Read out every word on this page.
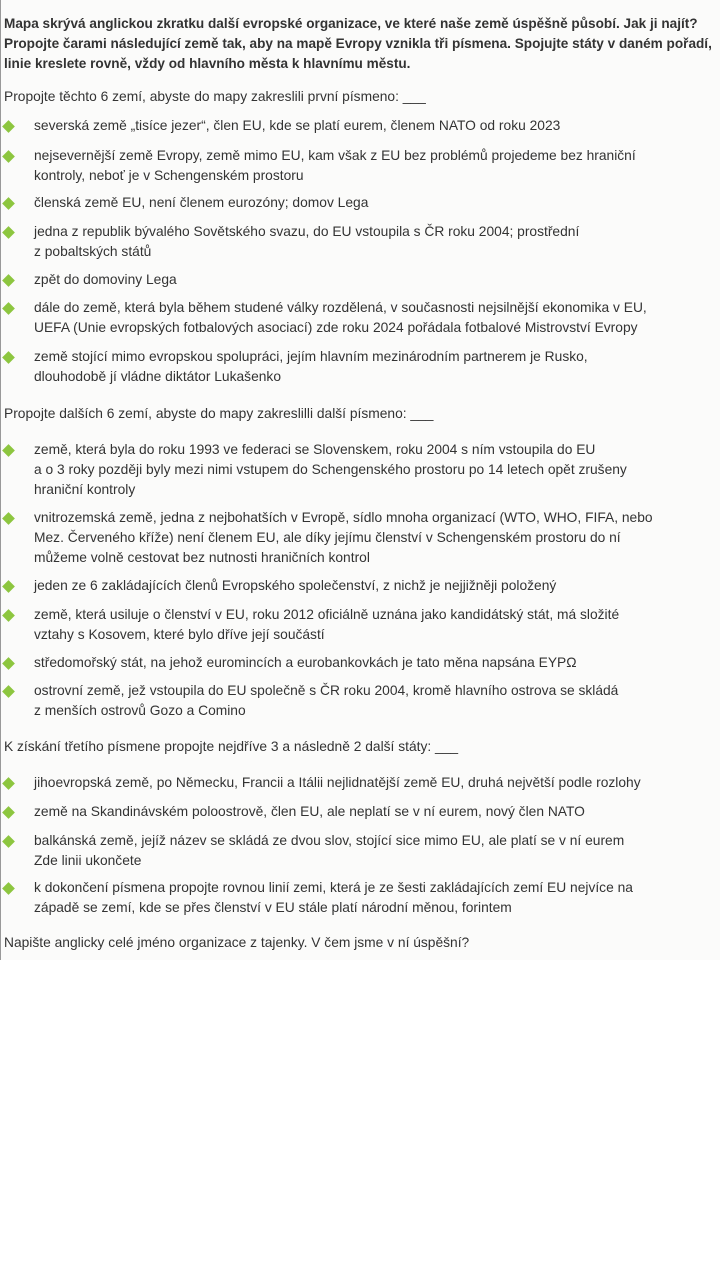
Mapa skrývá anglickou zkratku další evropské organizace, ve které naše země úspěšně působí. Jak ji najít? Propojte čarami následující země tak, aby na mapě Evropy vznikla tři písmena. Spojujte státy v daném pořadí, linie kreslete rovně, vždy od hlavního města k hlavnímu městu.
Propojte těchto 6 zemí, abyste do mapy zakreslili první písmeno: ___
severská země „tisíce jezer“, člen EU, kde se platí eurem, členem NATO od roku 2023
nejsevernější země Evropy, země mimo EU, kam však z EU bez problémů projedeme bez hraniční
kontroly, neboť je v Schengenském prostoru
členská země EU, není členem eurozóny; domov Lega
jedna z republik bývalého Sovětského svazu, do EU vstoupila s ČR roku 2004; prostřední
z pobaltských států
zpět do domoviny Lega
dále do země, která byla během studené války rozdělená, v současnosti nejsilnější ekonomika v EU,
UEFA (Unie evropských fotbalových asociací) zde roku 2024 pořádala fotbalové Mistrovství Evropy
země stojící mimo evropskou spolupráci, jejím hlavním mezinárodním partnerem je Rusko,
dlouhodobě jí vládne diktátor Lukašenko
Propojte dalších 6 zemí, abyste do mapy zakreslilli další písmeno: ___
země, která byla do roku 1993 ve federaci se Slovenskem, roku 2004 s ním vstoupila do EU
a o 3 roky později byly mezi nimi vstupem do Schengenského prostoru po 14 letech opět zrušeny
hraniční kontroly
vnitrozemská země, jedna z nejbohatších v Evropě, sídlo mnoha organizací (WTO, WHO, FIFA, nebo
Mez. Červeného kříže) není členem EU, ale díky jejímu členství v Schengenském prostoru do ní
můžeme volně cestovat bez nutnosti hraničních kontrol
jeden ze 6 zakládajících členů Evropského společenství, z nichž je nejjižněji položený
země, která usiluje o členství v EU, roku 2012 oficiálně uznána jako kandidátský stát, má složité
vztahy s Kosovem, které bylo dříve její součástí
středomořský stát, na jehož euromincích a eurobankovkách je tato měna napsána ΕΥΡΩ
ostrovní země, jež vstoupila do EU společně s ČR roku 2004, kromě hlavního ostrova se skládá
z menších ostrovů Gozo a Comino
K získání třetího písmene propojte nejdříve 3 a následně 2 další státy: ___
jihoevropská země, po Německu, Francii a Itálii nejlidnatější země EU, druhá největší podle rozlohy
země na Skandinávském poloostrově, člen EU, ale neplatí se v ní eurem, nový člen NATO
balkánská země, jejíž název se skládá ze dvou slov, stojící sice mimo EU, ale platí se v ní eurem
Zde linii ukončete
k dokončení písmena propojte rovnou linií zemi, která je ze šesti zakládajících zemí EU nejvíce na
západě se zemí, kde se přes členství v EU stále platí národní měnou, forintem
Napište anglicky celé jméno organizace z tajenky. V čem jsme v ní úspěšní?
